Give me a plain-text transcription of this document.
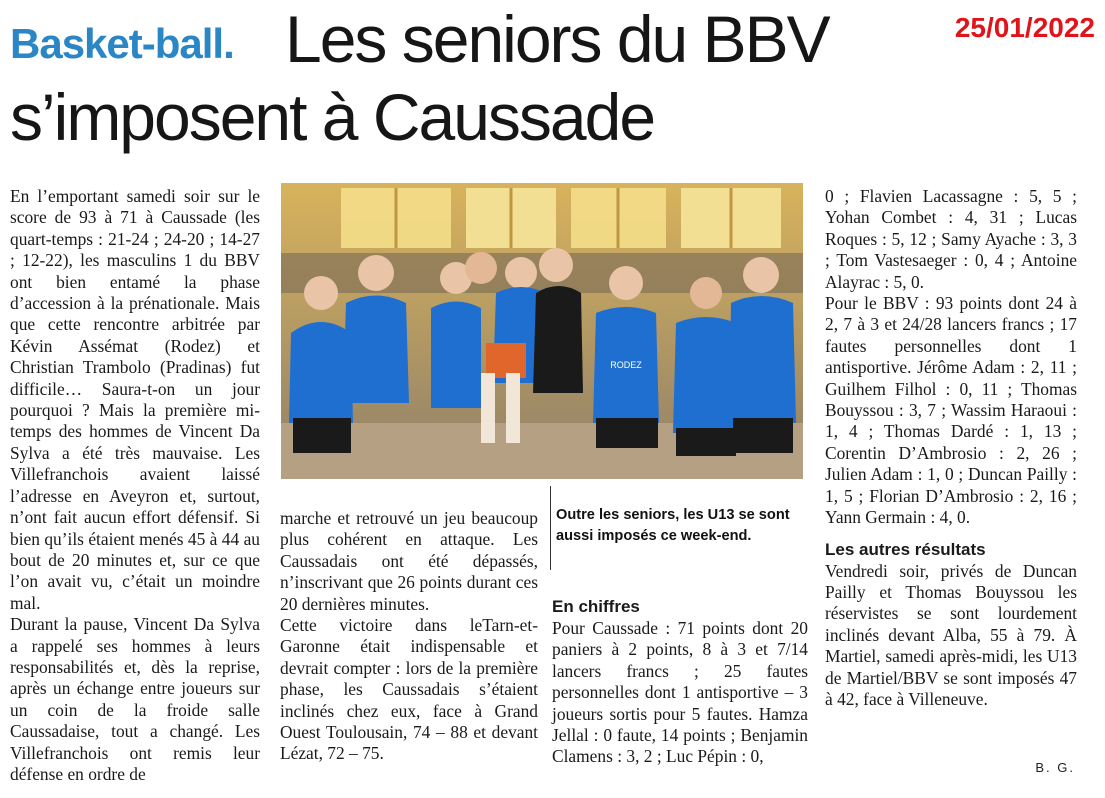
Basket-ball. Les seniors du BBV
s’imposent à Caussade
25/01/2022

En l’emportant samedi soir sur le score de 93 à 71 à Caussade (les quart-temps : 21-24 ; 24-20 ; 14-27 ; 12-22), les masculins 1 du BBV ont bien entamé la phase d’accession à la prénationale. Mais que cette rencontre arbitrée par Kévin Assémat (Rodez) et Christian Trambolo (Pradinas) fut difficile… Saura-t-on un jour pourquoi ? Mais la première mi-temps des hommes de Vincent Da Sylva a été très mauvaise. Les Villefranchois avaient laissé l’adresse en Aveyron et, surtout, n’ont fait aucun effort défensif. Si bien qu’ils étaient menés 45 à 44 au bout de 20 minutes et, sur ce que l’on avait vu, c’était un moindre mal.

Durant la pause, Vincent Da Sylva a rappelé ses hommes à leurs responsabilités et, dès la reprise, après un échange entre joueurs sur un coin de la froide salle Caussadaise, tout a changé. Les Villefranchois ont remis leur défense en ordre de

RODEZ
Outre les seniors, les U13 se sont aussi imposés ce week-end.

marche et retrouvé un jeu beaucoup plus cohérent en attaque. Les Caussadais ont été dépassés, n’inscrivant que 26 points durant ces 20 dernières minutes.

Cette victoire dans leTarn-et-Garonne était indispensable et devrait compter : lors de la première phase, les Caussadais s’étaient inclinés chez eux, face à Grand Ouest Toulousain, 74 – 88 et devant Lézat, 72 – 75.

En chiffres

Pour Caussade : 71 points dont 20 paniers à 2 points, 8 à 3 et 7/14 lancers francs ; 25 fautes personnelles dont 1 antisportive – 3 joueurs sortis pour 5 fautes. Hamza Jellal : 0 faute, 14 points ; Benjamin Clamens : 3, 2 ; Luc Pépin : 0,

0 ; Flavien Lacassagne : 5, 5 ; Yohan Combet : 4, 31 ; Lucas Roques : 5, 12 ; Samy Ayache : 3, 3 ; Tom Vastesaeger : 0, 4 ; Antoine Alayrac : 5, 0.

Pour le BBV : 93 points dont 24 à 2, 7 à 3 et 24/28 lancers francs ; 17 fautes personnelles dont 1 antisportive. Jérôme Adam : 2, 11 ; Guilhem Filhol : 0, 11 ; Thomas Bouyssou : 3, 7 ; Wassim Haraoui : 1, 4 ; Thomas Dardé : 1, 13 ; Corentin D’Ambrosio : 2, 26 ; Julien Adam : 1, 0 ; Duncan Pailly : 1, 5 ; Florian D’Ambrosio : 2, 16 ; Yann Germain : 4, 0.

Les autres résultats

Vendredi soir, privés de Duncan Pailly et Thomas Bouyssou les réservistes se sont lourdement inclinés devant Alba, 55 à 79. À Martiel, samedi après-midi, les U13 de Martiel/BBV se sont imposés 47 à 42, face à Villeneuve.

B. G.
